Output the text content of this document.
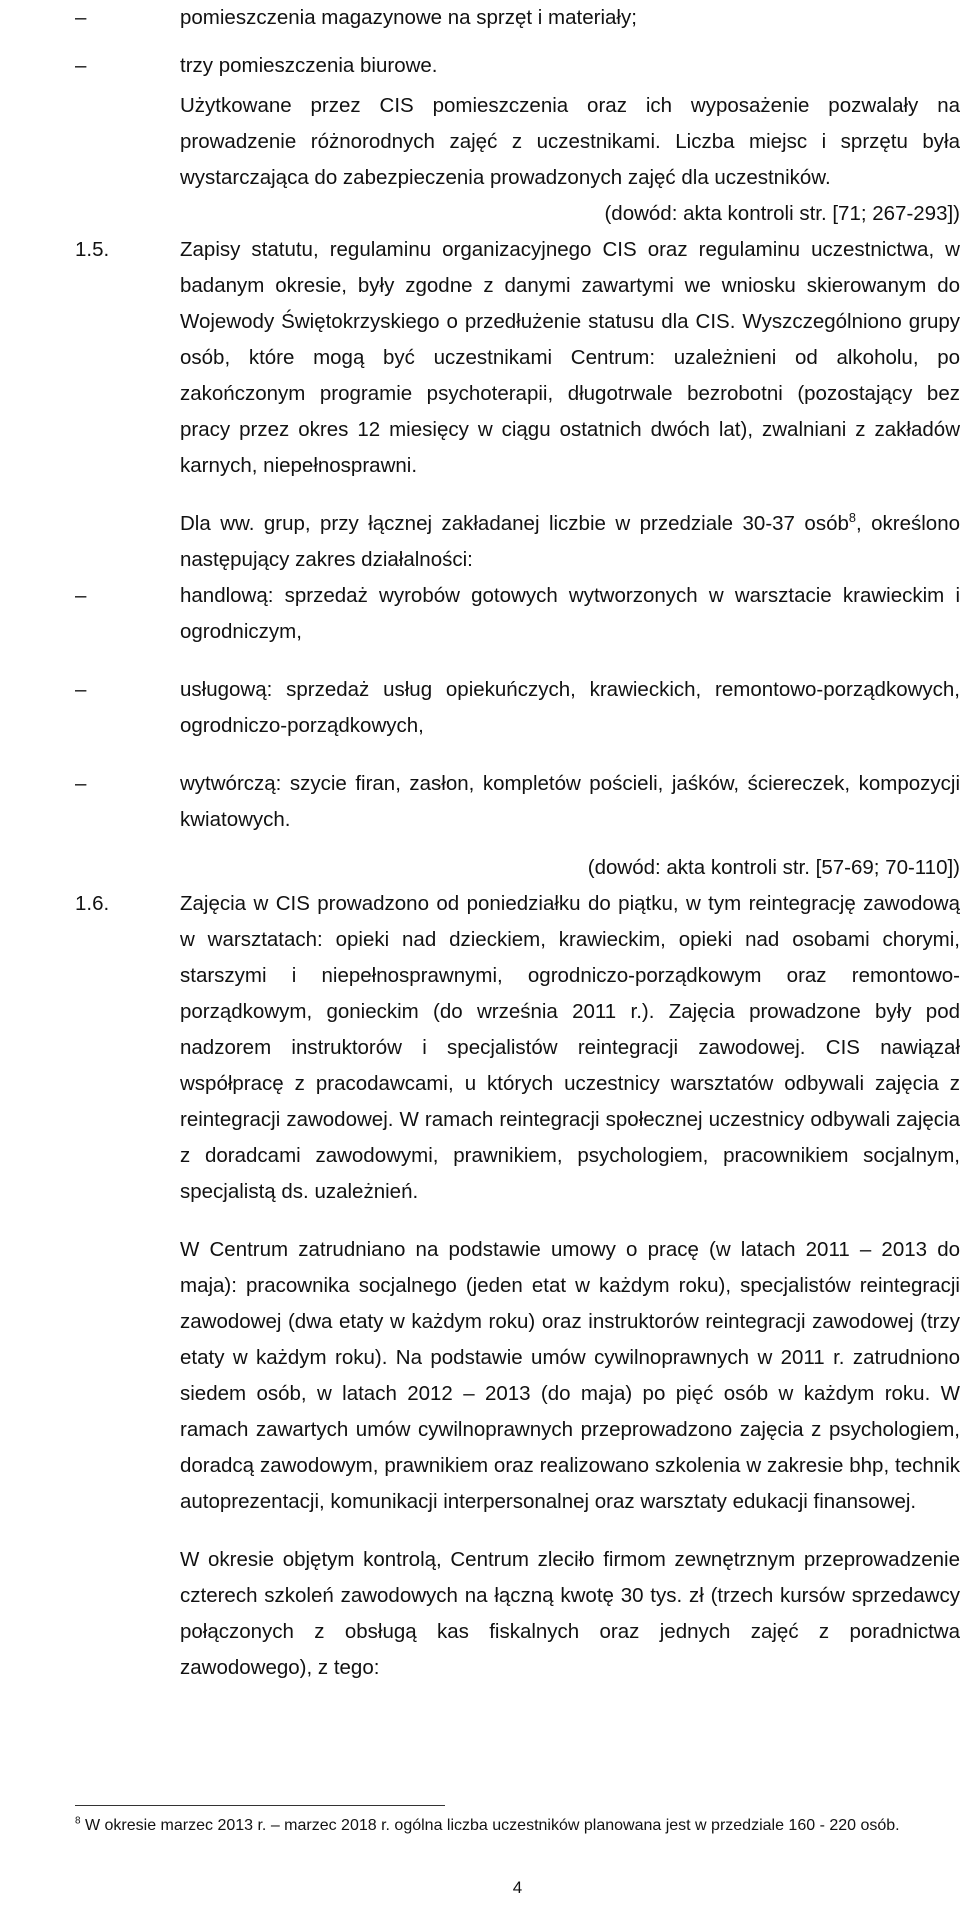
–	pomieszczenia magazynowe na sprzęt i materiały;

–	trzy pomieszczenia biurowe.

Użytkowane przez CIS pomieszczenia oraz ich wyposażenie pozwalały na prowadzenie różnorodnych zajęć z uczestnikami. Liczba miejsc i sprzętu była wystarczająca do zabezpieczenia prowadzonych zajęć dla uczestników.

(dowód: akta kontroli str. [71; 267-293])

1.5.	Zapisy statutu, regulaminu organizacyjnego CIS oraz regulaminu uczestnictwa, w badanym okresie, były zgodne z danymi zawartymi we wniosku skierowanym do Wojewody Świętokrzyskiego o przedłużenie statusu dla CIS. Wyszczególniono grupy osób, które mogą być uczestnikami Centrum: uzależnieni od alkoholu, po zakończonym programie psychoterapii, długotrwale bezrobotni (pozostający bez pracy przez okres 12 miesięcy w ciągu ostatnich dwóch lat), zwalniani z zakładów karnych, niepełnosprawni.

Dla ww. grup, przy łącznej zakładanej liczbie w przedziale 30-37 osób$^8$, określono następujący zakres działalności:

–	handlową: sprzedaż wyrobów gotowych wytworzonych w warsztacie krawieckim i ogrodniczym,

–	usługową: sprzedaż usług opiekuńczych, krawieckich, remontowo-porządkowych, ogrodniczo-porządkowych,

–	wytwórczą: szycie firan, zasłon, kompletów pościeli, jaśków, ściereczek, kompozycji kwiatowych.

(dowód: akta kontroli str. [57-69; 70-110])

1.6.	Zajęcia w CIS prowadzono od poniedziałku do piątku, w tym reintegrację zawodową w warsztatach: opieki nad dzieckiem, krawieckim, opieki nad osobami chorymi, starszymi i niepełnosprawnymi, ogrodniczo-porządkowym oraz remontowo-porządkowym, gonieckim (do września 2011 r.). Zajęcia prowadzone były pod nadzorem instruktorów i specjalistów reintegracji zawodowej. CIS nawiązał współpracę z pracodawcami, u których uczestnicy warsztatów odbywali zajęcia z reintegracji zawodowej. W ramach reintegracji społecznej uczestnicy odbywali zajęcia z doradcami zawodowymi, prawnikiem, psychologiem, pracownikiem socjalnym, specjalistą ds. uzależnień.

W Centrum zatrudniano na podstawie umowy o pracę (w latach 2011 – 2013 do maja): pracownika socjalnego (jeden etat w każdym roku), specjalistów reintegracji zawodowej (dwa etaty w każdym roku) oraz instruktorów reintegracji zawodowej (trzy etaty w każdym roku). Na podstawie umów cywilnoprawnych w 2011 r. zatrudniono siedem osób, w latach 2012 – 2013 (do maja) po pięć osób w każdym roku. W ramach zawartych umów cywilnoprawnych przeprowadzono zajęcia z psychologiem, doradcą zawodowym, prawnikiem oraz realizowano szkolenia w zakresie bhp, technik autoprezentacji, komunikacji interpersonalnej oraz warsztaty edukacji finansowej.

W okresie objętym kontrolą, Centrum zleciło firmom zewnętrznym przeprowadzenie czterech szkoleń zawodowych na łączną kwotę 30 tys. zł (trzech kursów sprzedawcy połączonych z obsługą kas fiskalnych oraz jednych zajęć z poradnictwa zawodowego), z tego:

$^8$ W okresie marzec 2013 r. – marzec 2018 r. ogólna liczba uczestników planowana jest w przedziale 160 - 220 osób.

4
